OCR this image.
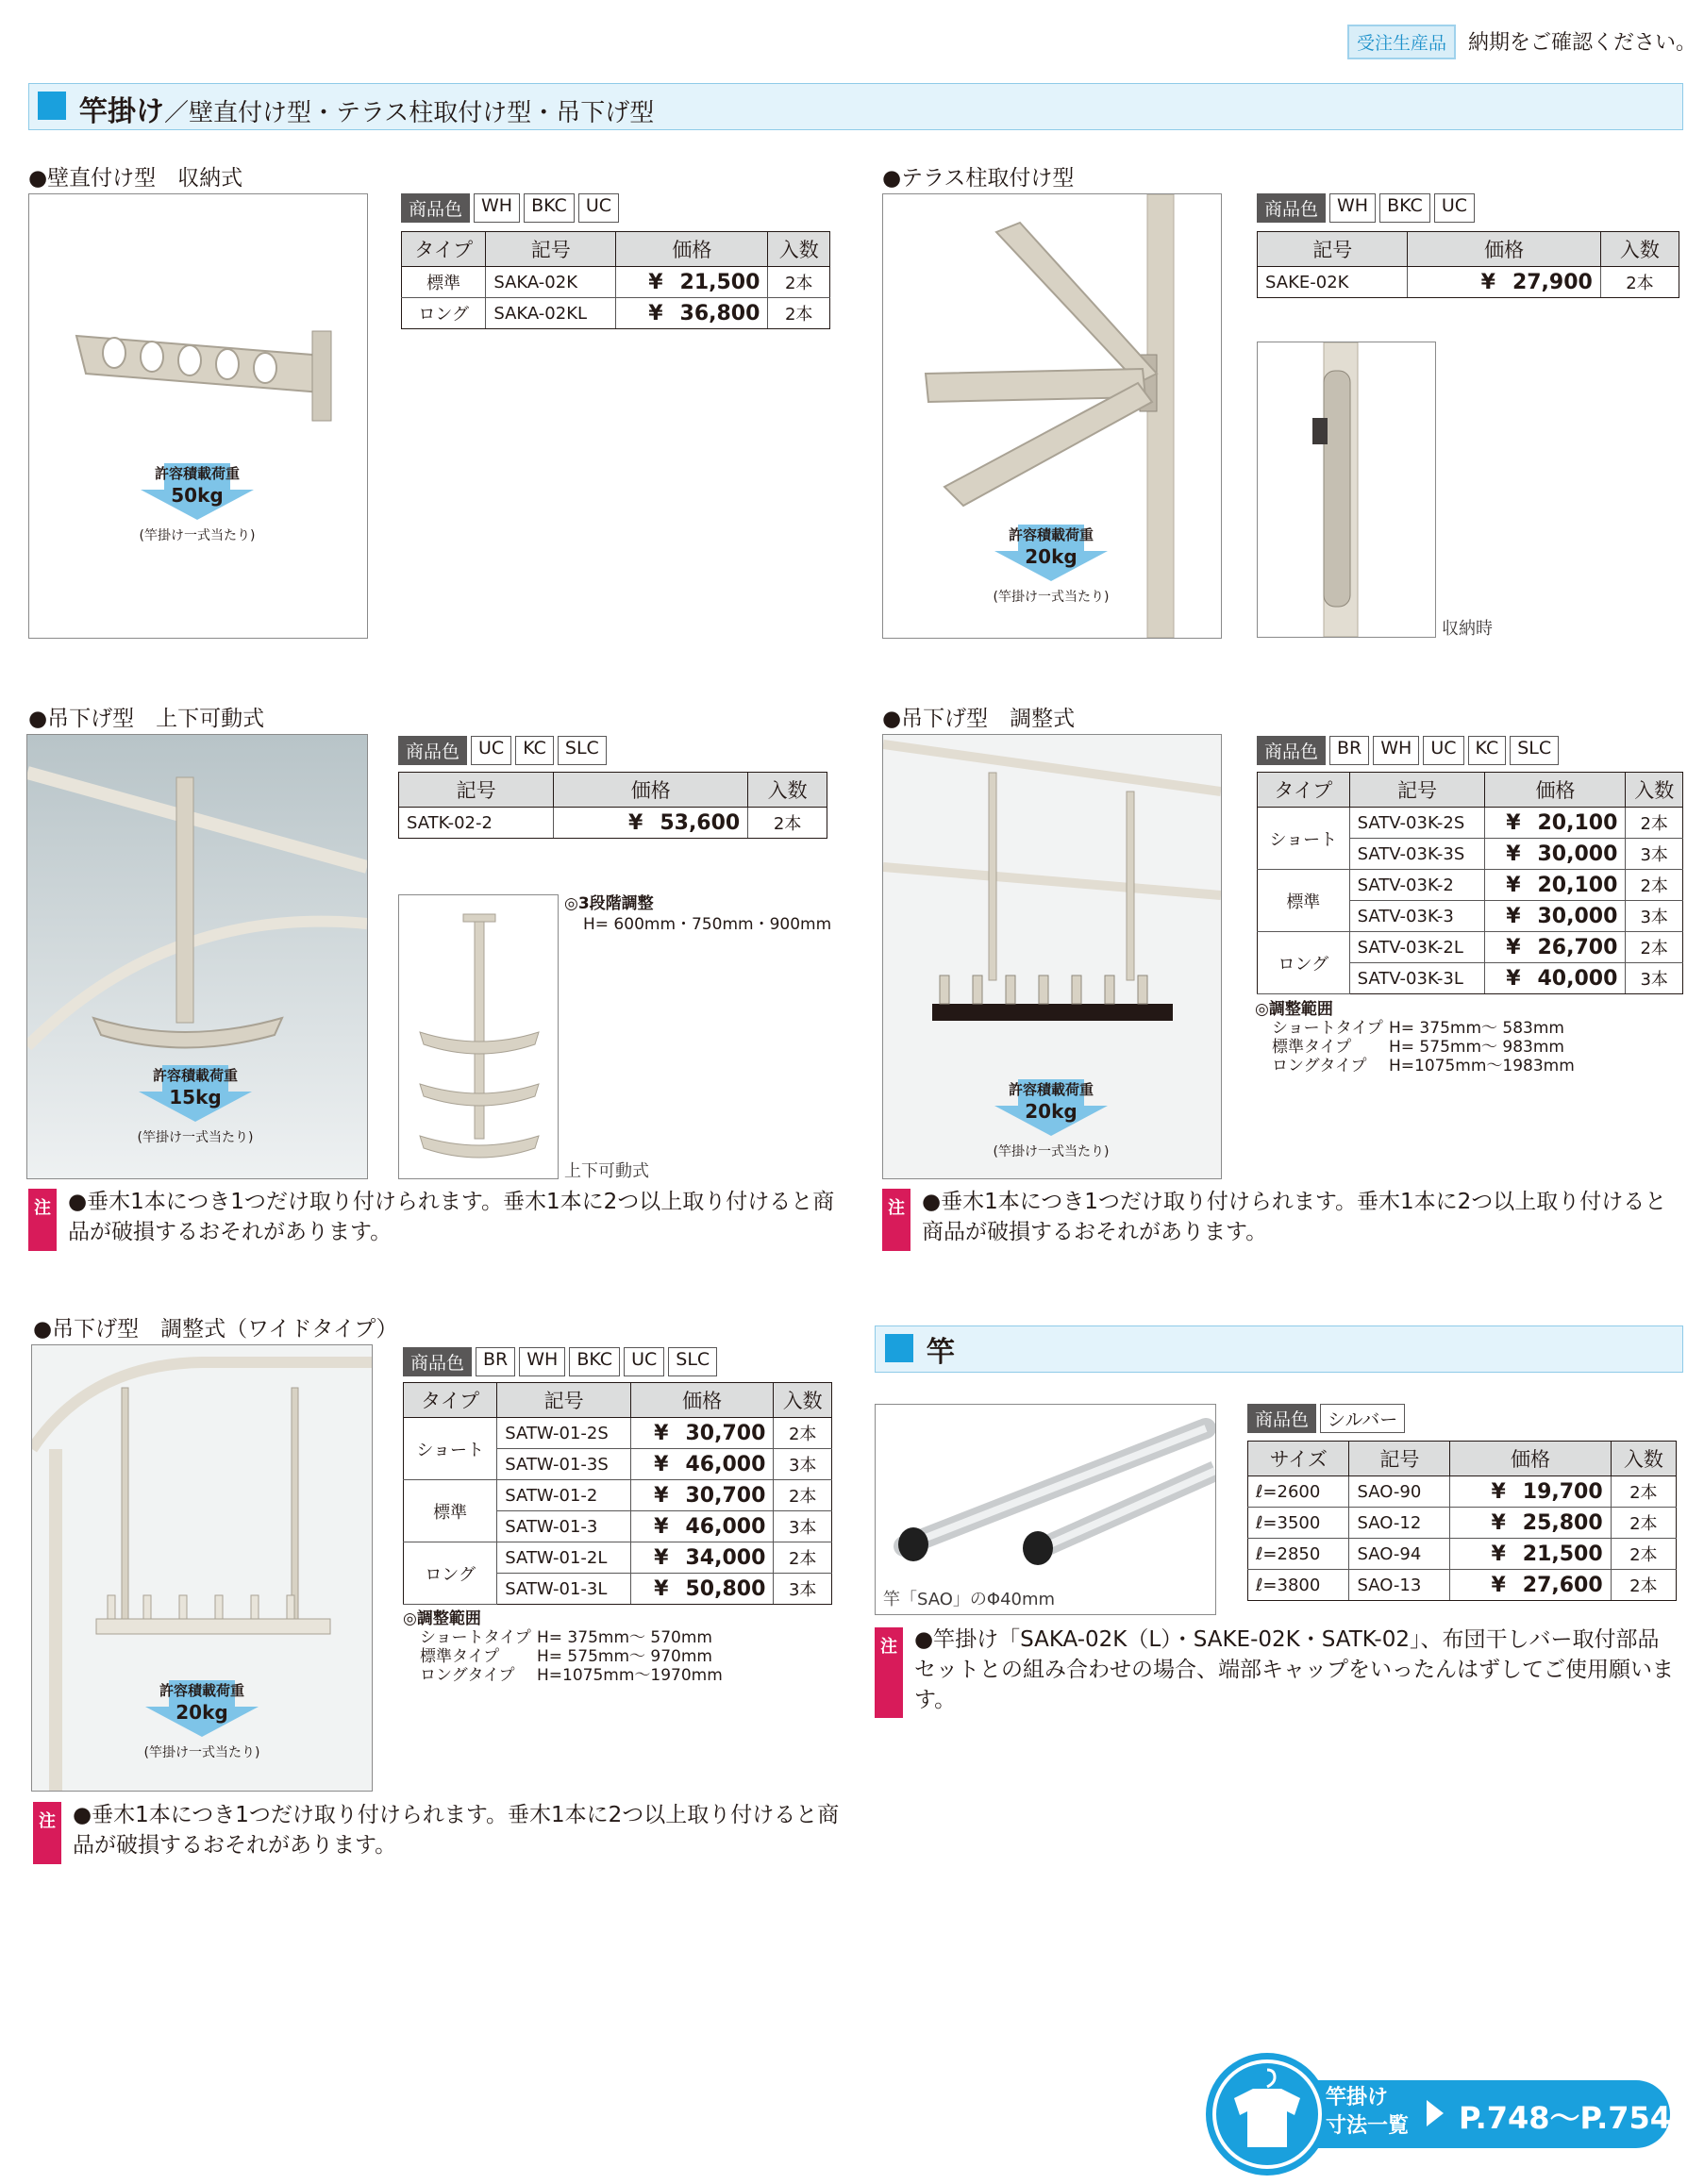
受注生産品	納期をご確認ください。
竿掛け／壁直付け型・テラス柱取付け型・吊下げ型
●壁直付け型　収納式
許容積載荷重
50kg
(竿掛け一式当たり)
商品色	WH	BKC	UC
タイプ	記号	価格	入数
標準	SAKA-02K	¥ 21,500	2本
ロング	SAKA-02KL	¥ 36,800	2本
●テラス柱取付け型
許容積載荷重
20kg
(竿掛け一式当たり)
商品色	WH	BKC	UC
記号	価格	入数
SAKE-02K	¥ 27,900	2本
収納時
●吊下げ型　上下可動式
許容積載荷重
15kg
(竿掛け一式当たり)
商品色	UC	KC	SLC
記号	価格	入数
SATK-02-2	¥ 53,600	2本
◎3段階調整
H= 600mm・750mm・900mm
上下可動式
注 ●垂木1本につき1つだけ取り付けられます。垂木1本に2つ以上取り付けると商品が破損するおそれがあります。
●吊下げ型　調整式
許容積載荷重
20kg
(竿掛け一式当たり)
商品色	BR	WH	UC	KC	SLC
タイプ	記号	価格	入数
ショート	SATV-03K-2S	¥ 20,100	2本
	SATV-03K-3S	¥ 30,000	3本
標準	SATV-03K-2	¥ 20,100	2本
	SATV-03K-3	¥ 30,000	3本
ロング	SATV-03K-2L	¥ 26,700	2本
	SATV-03K-3L	¥ 40,000	3本
◎調整範囲
ショートタイプ H= 375mm～ 583mm
標準タイプ H= 575mm～ 983mm
ロングタイプ H=1075mm～1983mm
注 ●垂木1本につき1つだけ取り付けられます。垂木1本に2つ以上取り付けると商品が破損するおそれがあります。
●吊下げ型　調整式（ワイドタイプ）
許容積載荷重
20kg
(竿掛け一式当たり)
商品色	BR	WH	BKC	UC	SLC
タイプ	記号	価格	入数
ショート	SATW-01-2S	¥ 30,700	2本
	SATW-01-3S	¥ 46,000	3本
標準	SATW-01-2	¥ 30,700	2本
	SATW-01-3	¥ 46,000	3本
ロング	SATW-01-2L	¥ 34,000	2本
	SATW-01-3L	¥ 50,800	3本
◎調整範囲
ショートタイプ H= 375mm～ 570mm
標準タイプ H= 575mm～ 970mm
ロングタイプ H=1075mm～1970mm
注 ●垂木1本につき1つだけ取り付けられます。垂木1本に2つ以上取り付けると商品が破損するおそれがあります。
竿
竿「SAO」のΦ40mm
商品色	シルバー
サイズ	記号	価格	入数
ℓ=2600	SAO-90	¥ 19,700	2本
ℓ=3500	SAO-12	¥ 25,800	2本
ℓ=2850	SAO-94	¥ 21,500	2本
ℓ=3800	SAO-13	¥ 27,600	2本
注 ●竿掛け「SAKA-02K（L）・SAKE-02K・SATK-02」、布団干しバー取付部品セットとの組み合わせの場合、端部キャップをいったんはずしてご使用願います。
竿掛け
寸法一覧 P.748～P.754
